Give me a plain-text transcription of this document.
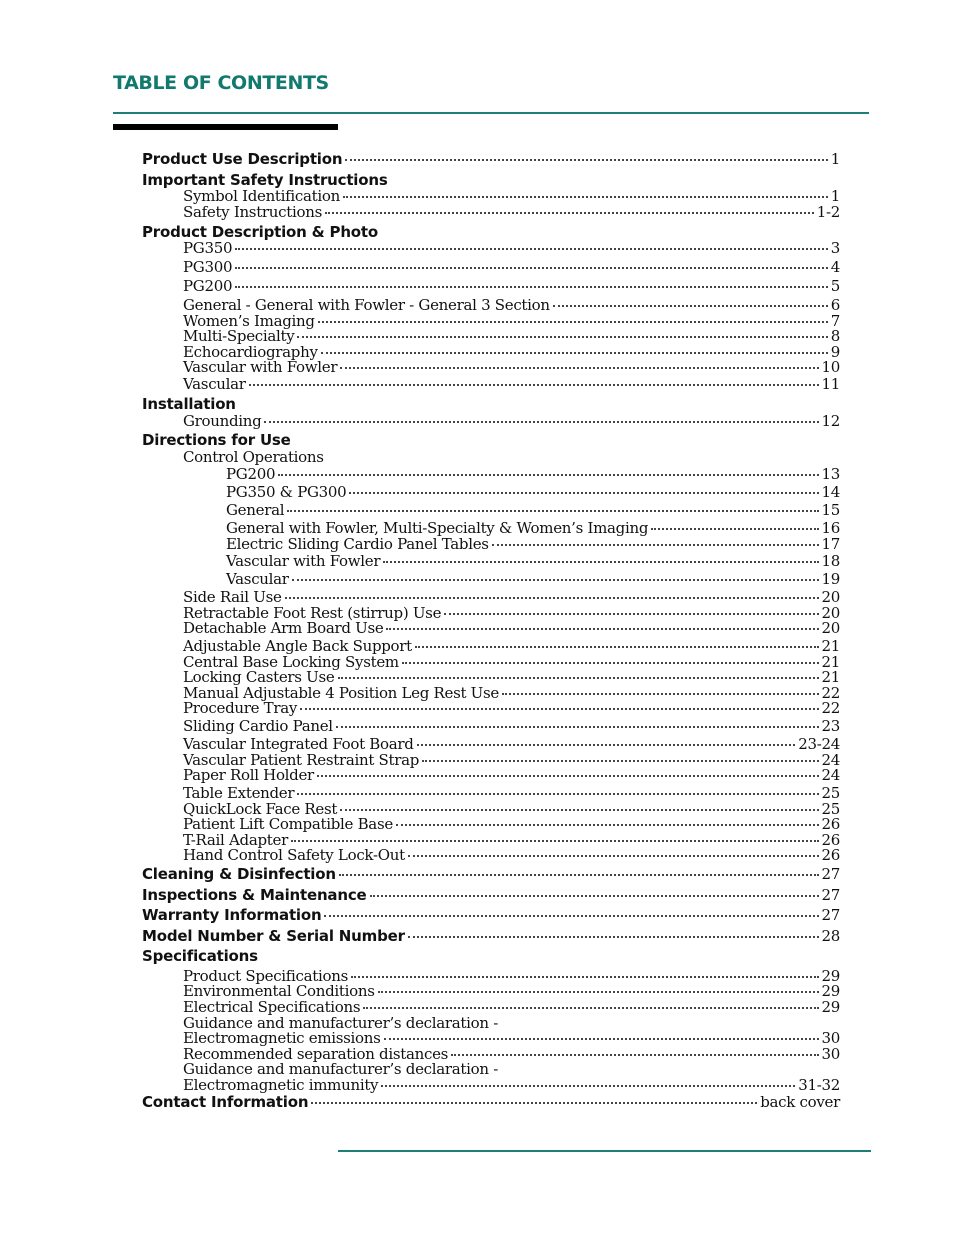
TABLE OF CONTENTS
Product Use Description	1
Important Safety Instructions
Symbol Identification	1
Safety Instructions	1-2
Product Description & Photo
PG350	3
PG300	4
PG200	5
General - General with Fowler - General 3 Section	6
Women’s Imaging	7
Multi-Specialty	8
Echocardiography	9
Vascular with Fowler	10
Vascular	11
Installation
Grounding	12
Directions for Use
Control Operations
PG200	13
PG350 & PG300	14
General	15
General with Fowler, Multi-Specialty & Women’s Imaging	16
Electric Sliding Cardio Panel Tables	17
Vascular with Fowler	18
Vascular	19
Side Rail Use	20
Retractable Foot Rest (stirrup) Use	20
Detachable Arm Board Use	20
Adjustable Angle Back Support	21
Central Base Locking System	21
Locking Casters Use	21
Manual Adjustable 4 Position Leg Rest Use	22
Procedure Tray	22
Sliding Cardio Panel	23
Vascular Integrated Foot Board	23-24
Vascular Patient Restraint Strap	24
Paper Roll Holder	24
Table Extender	25
QuickLock Face Rest	25
Patient Lift Compatible Base	26
T-Rail Adapter	26
Hand Control Safety Lock-Out	26
Cleaning & Disinfection	27
Inspections & Maintenance	27
Warranty Information	27
Model Number & Serial Number	28
Specifications
Product Specifications	29
Environmental Conditions	29
Electrical Specifications	29
Guidance and manufacturer’s declaration -
Electromagnetic emissions	30
Recommended separation distances	30
Guidance and manufacturer’s declaration -
Electromagnetic immunity	31-32
Contact Information	back cover
